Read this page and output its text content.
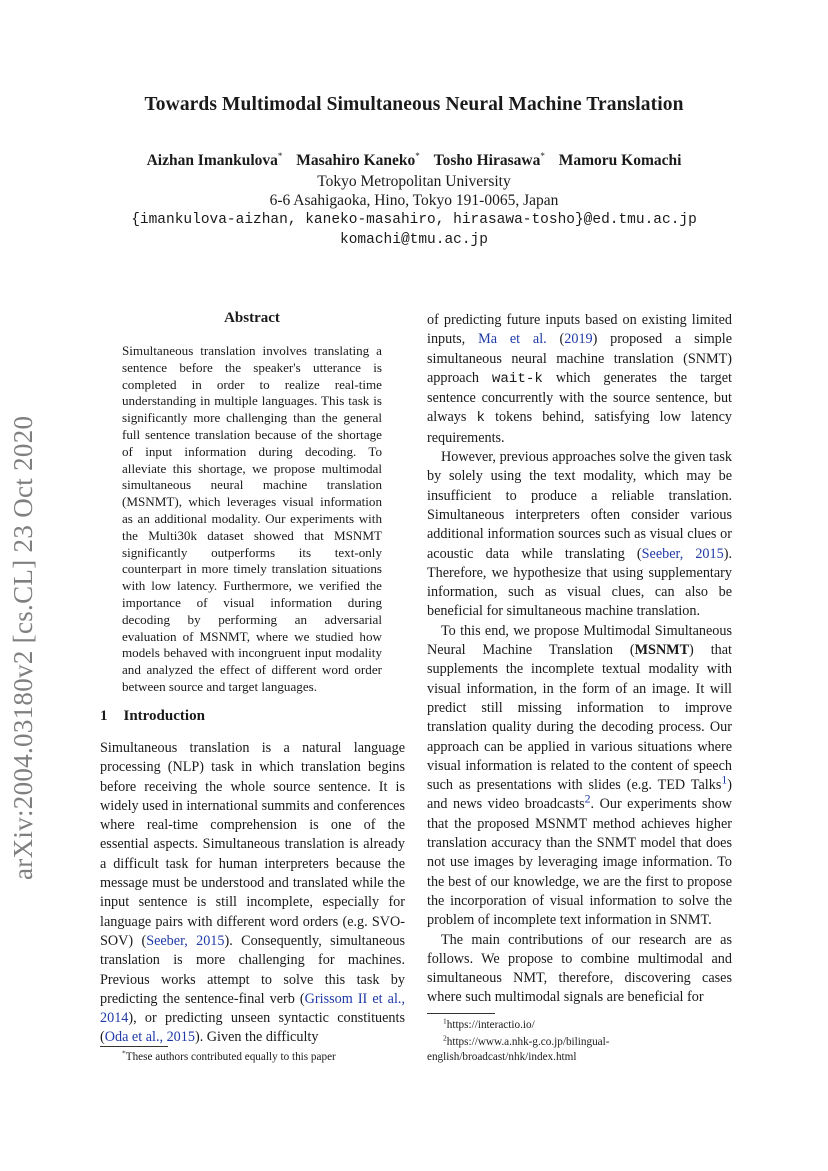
arXiv:2004.03180v2 [cs.CL] 23 Oct 2020
Towards Multimodal Simultaneous Neural Machine Translation
Aizhan Imankulova* Masahiro Kaneko* Tosho Hirasawa* Mamoru Komachi
Tokyo Metropolitan University
6-6 Asahigaoka, Hino, Tokyo 191-0065, Japan
{imankulova-aizhan, kaneko-masahiro, hirasawa-tosho}@ed.tmu.ac.jp
komachi@tmu.ac.jp
Abstract
Simultaneous translation involves translating a sentence before the speaker's utterance is completed in order to realize real-time understanding in multiple languages. This task is significantly more challenging than the general full sentence translation because of the shortage of input information during decoding. To alleviate this shortage, we propose multimodal simultaneous neural machine translation (MSNMT), which leverages visual information as an additional modality. Our experiments with the Multi30k dataset showed that MSNMT significantly outperforms its text-only counterpart in more timely translation situations with low latency. Furthermore, we verified the importance of visual information during decoding by performing an adversarial evaluation of MSNMT, where we studied how models behaved with incongruent input modality and analyzed the effect of different word order between source and target languages.
1 Introduction

Simultaneous translation is a natural language processing (NLP) task in which translation begins before receiving the whole source sentence. It is widely used in international summits and conferences where real-time comprehension is one of the essential aspects. Simultaneous translation is already a difficult task for human interpreters because the message must be understood and translated while the input sentence is still incomplete, especially for language pairs with different word orders (e.g. SVO-SOV) (Seeber, 2015). Consequently, simultaneous translation is more challenging for machines. Previous works attempt to solve this task by predicting the sentence-final verb (Grissom II et al., 2014), or predicting unseen syntactic constituents (Oda et al., 2015). Given the difficulty

of predicting future inputs based on existing limited inputs, Ma et al. (2019) proposed a simple simultaneous neural machine translation (SNMT) approach wait-k which generates the target sentence concurrently with the source sentence, but always k tokens behind, satisfying low latency requirements.

However, previous approaches solve the given task by solely using the text modality, which may be insufficient to produce a reliable translation. Simultaneous interpreters often consider various additional information sources such as visual clues or acoustic data while translating (Seeber, 2015). Therefore, we hypothesize that using supplementary information, such as visual clues, can also be beneficial for simultaneous machine translation.

To this end, we propose Multimodal Simultaneous Neural Machine Translation (MSNMT) that supplements the incomplete textual modality with visual information, in the form of an image. It will predict still missing information to improve translation quality during the decoding process. Our approach can be applied in various situations where visual information is related to the content of speech such as presentations with slides (e.g. TED Talks$^1$) and news video broadcasts$^2$. Our experiments show that the proposed MSNMT method achieves higher translation accuracy than the SNMT model that does not use images by leveraging image information. To the best of our knowledge, we are the first to propose the incorporation of visual information to solve the problem of incomplete text information in SNMT.

The main contributions of our research are as follows. We propose to combine multimodal and simultaneous NMT, therefore, discovering cases where such multimodal signals are beneficial for

*These authors contributed equally to this paper
$^1$https://interactio.io/
$^2$https://www.a.nhk-g.co.jp/bilingual-
english/broadcast/nhk/index.html
